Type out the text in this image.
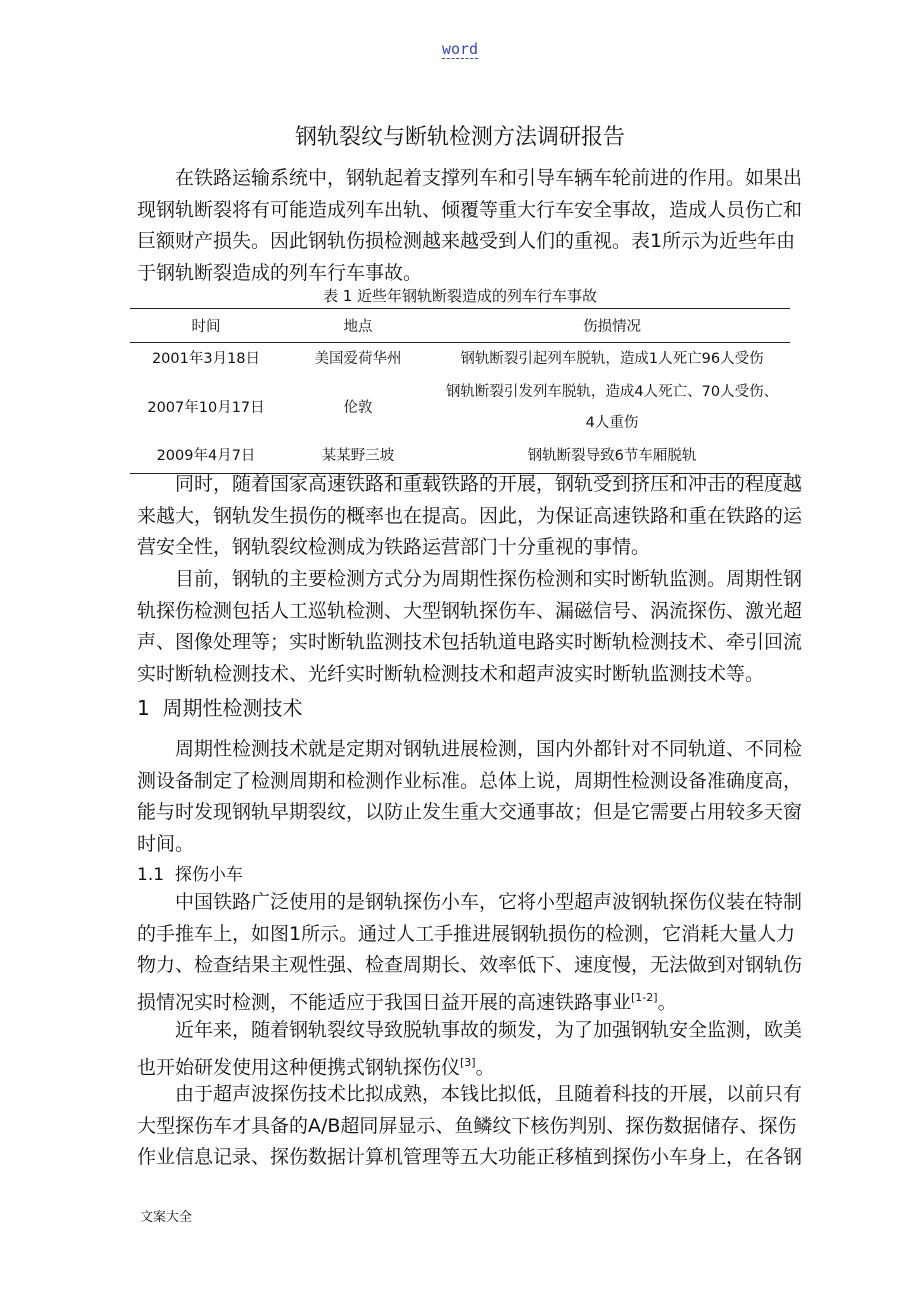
word
钢轨裂纹与断轨检测方法调研报告
　　在铁路运输系统中，钢轨起着支撑列车和引导车辆车轮前进的作用。如果出
现钢轨断裂将有可能造成列车出轨、倾覆等重大行车安全事故，造成人员伤亡和
巨额财产损失。因此钢轨伤损检测越来越受到人们的重视。表1所示为近些年由
于钢轨断裂造成的列车行车事故。
表 1 近些年钢轨断裂造成的列车行车事故
时间	地点	伤损情况
2001年3月18日	美国爱荷华州	钢轨断裂引起列车脱轨，造成1人死亡96人受伤
2007年10月17日	伦敦	钢轨断裂引发列车脱轨，造成4人死亡、70人受伤、
4人重伤

2009年4月7日	某某野三坡	钢轨断裂导致6节车厢脱轨
　　同时，随着国家高速铁路和重载铁路的开展，钢轨受到挤压和冲击的程度越
来越大，钢轨发生损伤的概率也在提高。因此，为保证高速铁路和重在铁路的运
营安全性，钢轨裂纹检测成为铁路运营部门十分重视的事情。
　　目前，钢轨的主要检测方式分为周期性探伤检测和实时断轨监测。周期性钢
轨探伤检测包括人工巡轨检测、大型钢轨探伤车、漏磁信号、涡流探伤、激光超
声、图像处理等；实时断轨监测技术包括轨道电路实时断轨检测技术、牵引回流
实时断轨检测技术、光纤实时断轨检测技术和超声波实时断轨监测技术等。
1  周期性检测技术
　　周期性检测技术就是定期对钢轨进展检测，国内外都针对不同轨道、不同检
测设备制定了检测周期和检测作业标准。总体上说，周期性检测设备准确度高，
能与时发现钢轨早期裂纹，以防止发生重大交通事故；但是它需要占用较多天窗
时间。
1.1  探伤小车
　　中国铁路广泛使用的是钢轨探伤小车，它将小型超声波钢轨探伤仪装在特制
的手推车上，如图1所示。通过人工手推进展钢轨损伤的检测，它消耗大量人力
物力、检查结果主观性强、检查周期长、效率低下、速度慢，无法做到对钢轨伤
损情况实时检测，不能适应于我国日益开展的高速铁路事业[1-2]。
　　近年来，随着钢轨裂纹导致脱轨事故的频发，为了加强钢轨安全监测，欧美
也开始研发使用这种便携式钢轨探伤仪[3]。
　　由于超声波探伤技术比拟成熟，本钱比拟低，且随着科技的开展，以前只有
大型探伤车才具备的A/B超同屏显示、鱼鳞纹下核伤判别、探伤数据储存、探伤
作业信息记录、探伤数据计算机管理等五大功能正移植到探伤小车身上，在各钢
文案大全
